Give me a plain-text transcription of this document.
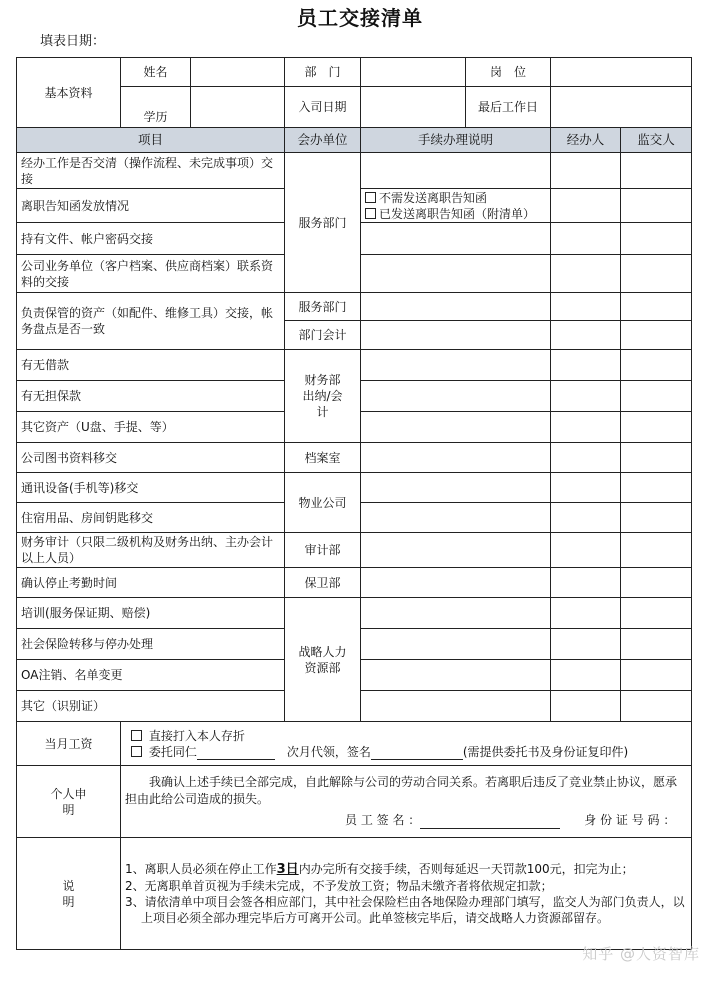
员工交接清单
填表日期：
基本资料	姓名		部　门		岗　位		
	学历		入司日期		最后工作日		
项目			会办单位	手续办理说明		经办人	监交人
经办工作是否交清（操作流程、未完成事项）交接			服务部门				
离职告知函发放情况				不需发送离职告知函
已发送离职告知函（附清单）			

持有文件、帐户密码交接							
公司业务单位（客户档案、供应商档案）联系资料的交接							
负责保管的资产（如配件、维修工具）交接，帐务盘点是否一致			服务部门				
			部门会计				
有无借款			财务部出纳/会计				
有无担保款							
其它资产（U盘、手提、等）							
公司图书资料移交			档案室				
通讯设备(手机等)移交			物业公司				
住宿用品、房间钥匙移交							
财务审计（只限二级机构及财务出纳、主办会计以上人员）			审计部				
确认停止考勤时间			保卫部				
培训(服务保证期、赔偿)			战略人力资源部				
社会保险转移与停办处理							
OA注销、名单变更							
其它（识别证）							
当月工资	直接打入本人存折
委托同仁　 次月代领，签名 (需提供委托书及身份证复印件)						

个人申明	我确认上述手续已全部完成，自此解除与公司的劳动合同关系。若离职后违反了竞业禁止协议，愿承担由此给公司造成的损失。
员 工 签 名 ：　　 身 份 证 号 码 ：						

说明	1、离职人员必须在停止工作3日内办完所有交接手续，否则每延迟一天罚款100元，扣完为止；
2、无离职单首页视为手续未完成，不予发放工资；物品未缴齐者将依规定扣款；
3、请依清单中项目会签各相应部门，其中社会保险栏由各地保险办理部门填写，监交人为部门负责人，以上项目必须全部办理完毕后方可离开公司。此单签核完毕后，请交战略人力资源部留存。						
知乎 @人资智库
